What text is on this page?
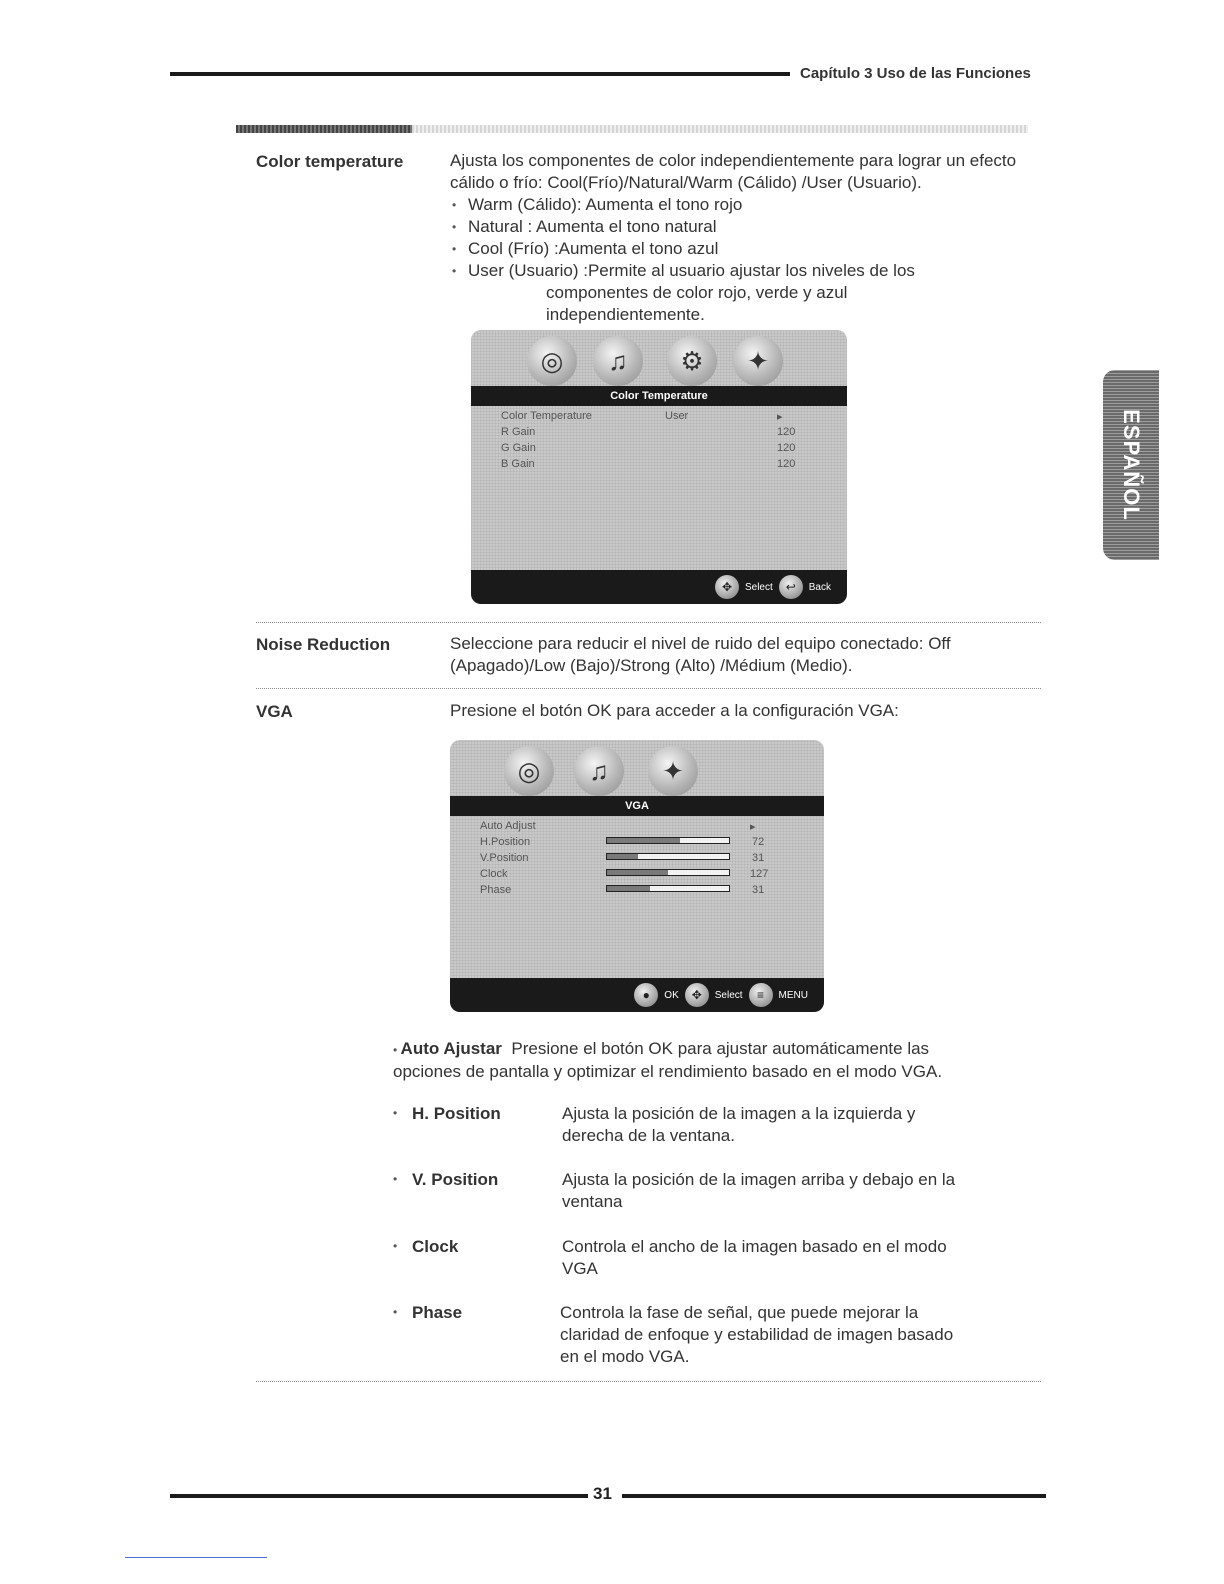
Capítulo 3 Uso de las Funciones
Color temperature	Ajusta los componentes de color independientemente para lograr un efecto cálido o frío: Cool(Frío)/Natural/Warm (Cálido) /User (Usuario).
• Warm (Cálido): Aumenta el tono rojo
• Natural : Aumenta el tono natural
• Cool (Frío) :Aumenta el tono azul
• User (Usuario) :Permite al usuario ajustar los niveles de los
componentes de color rojo, verde y azul
independientemente.
◎	♫	⚙	✦
Color Temperature
Color Temperature	User	▸
R Gain	120
G Gain	120
B Gain	120
✥	Select	↩	Back
Noise Reduction	Seleccione para reducir el nivel de ruido del equipo conectado: Off (Apagado)/Low (Bajo)/Strong (Alto) /Médium (Medio).
VGA	Presione el botón OK para acceder a la configuración VGA:
◎	♫	✦
VGA
Auto Adjust	▸
H.Position	72
V.Position	31
Clock	127
Phase	31
●	OK	✥	Select	≡	MENU
• Auto Ajustar Presione el botón OK para ajustar automáticamente las
opciones de pantalla y optimizar el rendimiento basado en el modo VGA.
• H. Position	Ajusta la posición de la imagen a la izquierda y
derecha de la ventana.
• V. Position	Ajusta la posición de la imagen arriba y debajo en la
ventana
• Clock	Controla el ancho de la imagen basado en el modo
VGA
• Phase	Controla la fase de señal, que puede mejorar la
claridad de enfoque y estabilidad de imagen basado
en el modo VGA.
ESPAÑOL
31
